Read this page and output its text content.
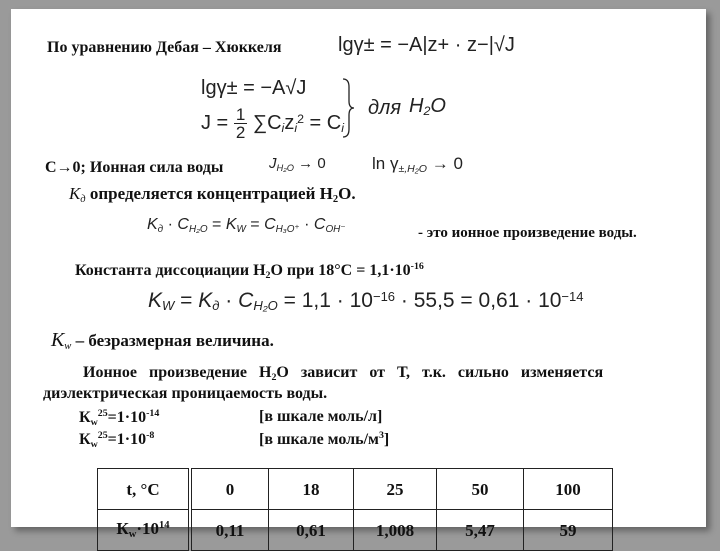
По уравнению Дебая – Хюккеля	lgγ± = −A|z+ · z−|√J
lgγ± = −A√J
$J = \frac{1}{2} \sum C_iz_i^2 = C_i$
для $H_2O$
C→0; Ионная сила воды	$J_{H_2O} \to 0$	$\ln \gamma_{\pm,H_2O} \to 0$
$К_д$ определяется концентрацией $Н_2О$.
$K_д \cdot C_{H_2O} = K_W = C_{H_3O^+} \cdot C_{OH^-}$	- это ионное произведение воды.
Константа диссоциации $Н_2О$ при $18^\circ С = 1,1\cdot 10^{-16}$
$K_W = K_д \cdot C_{H_2O} = 1,1 \cdot 10^{-16} \cdot 55,5 = 0,61 \cdot 10^{-14}$
$К_w$ – безразмерная величина.
Ионное   произведение   $Н_2О$   зависит   от   Т,   т.к.   сильно   изменяется
диэлектрическая проницаемость воды.
$К_w^{25}=1\cdot 10^{-14}$	[в шкале моль/л]
$К_w^{25}=1\cdot 10^{-8}$	[в шкале моль/$м^3$]
t, °С	0	18	25	50	100
$К_w\cdot 10^{14}$	0,11	0,61	1,008	5,47	59
